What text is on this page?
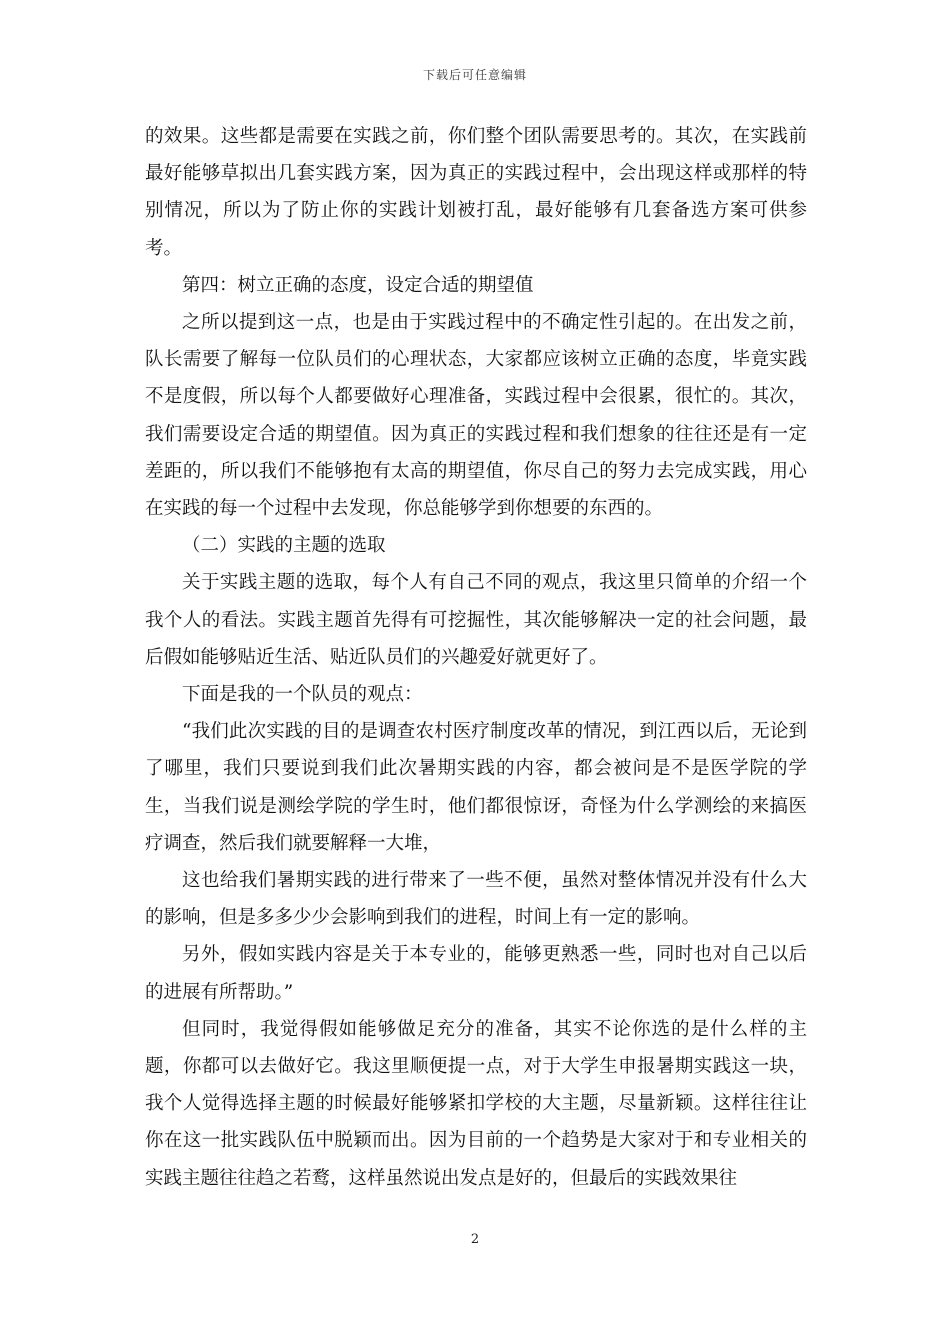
下载后可任意编辑

的效果。这些都是需要在实践之前，你们整个团队需要思考的。其次，在实践前最好能够草拟出几套实践方案，因为真正的实践过程中，会出现这样或那样的特别情况，所以为了防止你的实践计划被打乱，最好能够有几套备选方案可供参考。

第四：树立正确的态度，设定合适的期望值

之所以提到这一点，也是由于实践过程中的不确定性引起的。在出发之前，队长需要了解每一位队员们的心理状态，大家都应该树立正确的态度，毕竟实践不是度假，所以每个人都要做好心理准备，实践过程中会很累，很忙的。其次，我们需要设定合适的期望值。因为真正的实践过程和我们想象的往往还是有一定差距的，所以我们不能够抱有太高的期望值，你尽自己的努力去完成实践，用心在实践的每一个过程中去发现，你总能够学到你想要的东西的。

（二）实践的主题的选取

关于实践主题的选取，每个人有自己不同的观点，我这里只简单的介绍一个我个人的看法。实践主题首先得有可挖掘性，其次能够解决一定的社会问题，最后假如能够贴近生活、贴近队员们的兴趣爱好就更好了。

下面是我的一个队员的观点：

“我们此次实践的目的是调查农村医疗制度改革的情况，到江西以后，无论到了哪里，我们只要说到我们此次暑期实践的内容，都会被问是不是医学院的学生，当我们说是测绘学院的学生时，他们都很惊讶，奇怪为什么学测绘的来搞医疗调查，然后我们就要解释一大堆，

这也给我们暑期实践的进行带来了一些不便，虽然对整体情况并没有什么大的影响，但是多多少少会影响到我们的进程，时间上有一定的影响。

另外，假如实践内容是关于本专业的，能够更熟悉一些，同时也对自己以后的进展有所帮助。”

但同时，我觉得假如能够做足充分的准备，其实不论你选的是什么样的主题，你都可以去做好它。我这里顺便提一点，对于大学生申报暑期实践这一块，我个人觉得选择主题的时候最好能够紧扣学校的大主题，尽量新颖。这样往往让你在这一批实践队伍中脱颖而出。因为目前的一个趋势是大家对于和专业相关的实践主题往往趋之若鹜，这样虽然说出发点是好的，但最后的实践效果往

2
